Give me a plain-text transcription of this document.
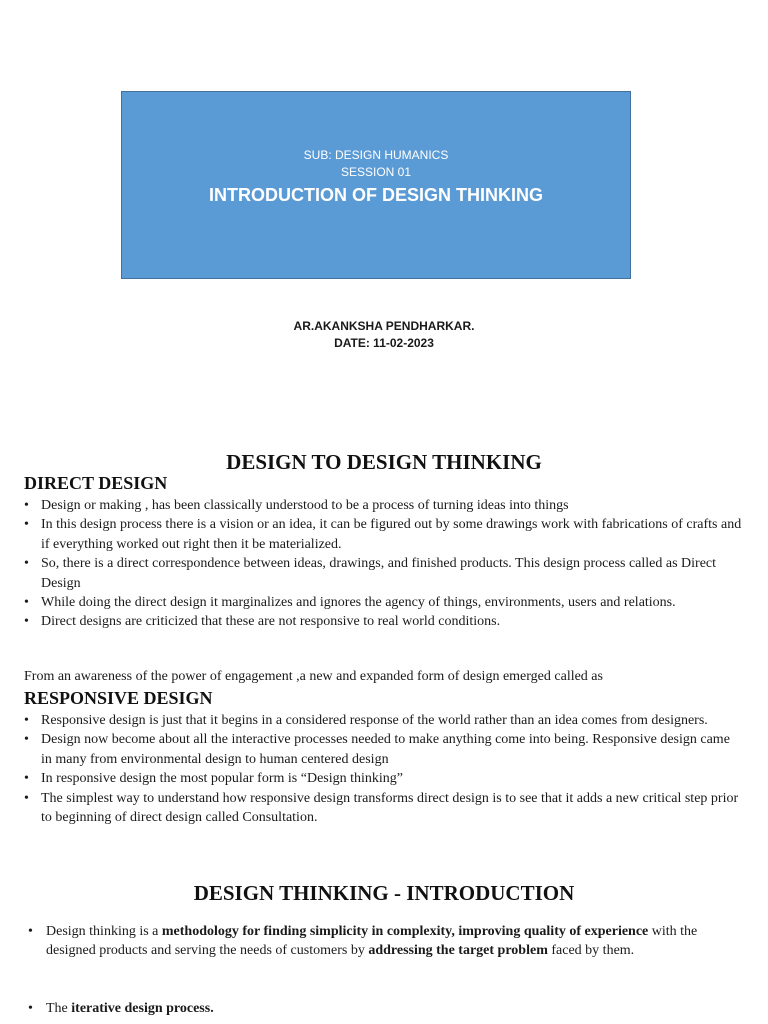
SUB: DESIGN HUMANICS
SESSION 01
INTRODUCTION OF DESIGN THINKING
AR.AKANKSHA PENDHARKAR.
DATE: 11-02-2023
DESIGN TO DESIGN THINKING
DIRECT DESIGN
• Design or making , has been classically understood to be a process of turning ideas into things
• In this design process there is a vision or an idea, it can be figured out by some drawings work with fabrications of crafts and if everything worked out right then it be materialized.
• So, there is a direct correspondence between ideas, drawings, and finished products. This design process called as Direct Design
• While doing the direct design it marginalizes and ignores the agency of things, environments, users and relations.
• Direct designs are criticized that these are not responsive to real world conditions.
From an awareness of the power of engagement ,a new and expanded form of design emerged called as
RESPONSIVE DESIGN
• Responsive design is just that it begins in a considered response of the world rather than an idea comes from designers.
• Design now become about all the interactive processes needed to make anything come into being. Responsive design came in many from environmental design to human centered design
• In responsive design the most popular form is “Design thinking”
• The simplest way to understand how responsive design transforms direct design is to see that it adds a new critical step prior to beginning of direct design called Consultation.
DESIGN THINKING - INTRODUCTION
• Design thinking is a methodology for finding simplicity in complexity, improving quality of experience with the designed products and serving the needs of customers by addressing the target problem faced by them.
• The iterative design process.
